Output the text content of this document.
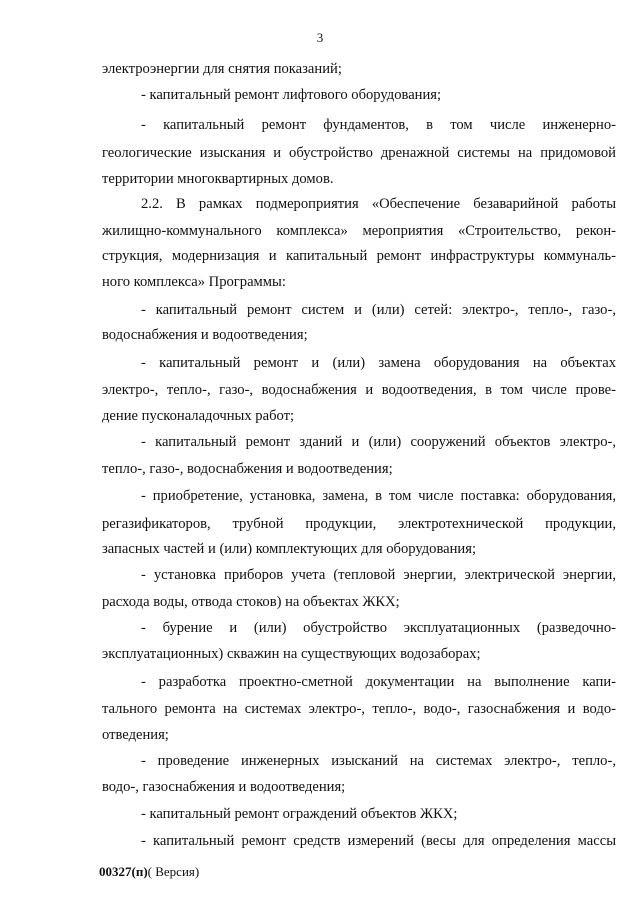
3
электроэнергии для снятия показаний;
- капитальный ремонт лифтового оборудования;
- капитальный ремонт фундаментов, в том числе инженерно-
геологические изыскания и обустройство дренажной системы на придомовой
территории многоквартирных домов.
2.2. В рамках подмероприятия «Обеспечение безаварийной работы
жилищно-коммунального комплекса» мероприятия «Строительство, рекон-
струкция, модернизация и капитальный ремонт инфраструктуры коммуналь-
ного комплекса» Программы:
- капитальный ремонт систем и (или) сетей: электро-, тепло-, газо-,
водоснабжения и водоотведения;
- капитальный ремонт и (или) замена оборудования на объектах
электро-, тепло-, газо-, водоснабжения и водоотведения, в том числе прове-
дение пусконаладочных работ;
- капитальный ремонт зданий и (или) сооружений объектов электро-,
тепло-, газо-, водоснабжения и водоотведения;
- приобретение, установка, замена, в том числе поставка: оборудования,
регазификаторов, трубной продукции, электротехнической продукции,
запасных частей и (или) комплектующих для оборудования;
- установка приборов учета (тепловой энергии, электрической энергии,
расхода воды, отвода стоков) на объектах ЖКХ;
- бурение и (или) обустройство эксплуатационных (разведочно-
эксплуатационных) скважин на существующих водозаборах;
- разработка проектно-сметной документации на выполнение капи-
тального ремонта на системах электро-, тепло-, водо-, газоснабжения и водо-
отведения;
- проведение инженерных изысканий на системах электро-, тепло-,
водо-, газоснабжения и водоотведения;
- капитальный ремонт ограждений объектов ЖКХ;
- капитальный ремонт средств измерений (весы для определения массы
00327(п)( Версия)
